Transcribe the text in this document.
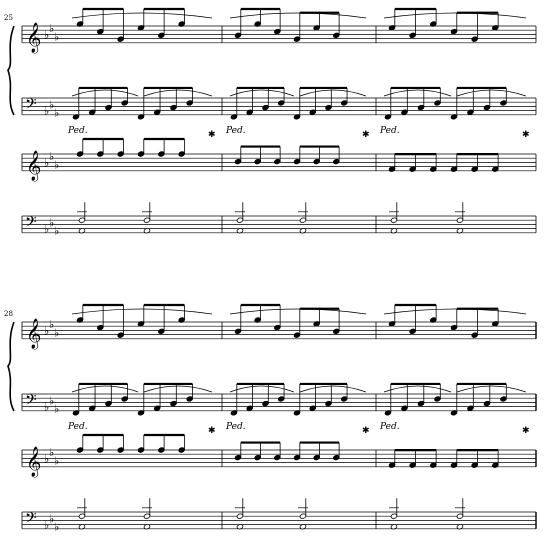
25
𝄞 ♭ ♭
♭
𝄢 ♭ ♭
♭
Ped.	✱ Ped.	✱ Ped.	✱
𝄞 ♭ ♭
♭
𝄢 ♭ ♭
♭
28
𝄞 ♭ ♭
♭
𝄢 ♭ ♭
♭
Ped.	✱ Ped.	✱ Ped.	✱
𝄞 ♭ ♭
♭
𝄢 ♭ ♭
♭
